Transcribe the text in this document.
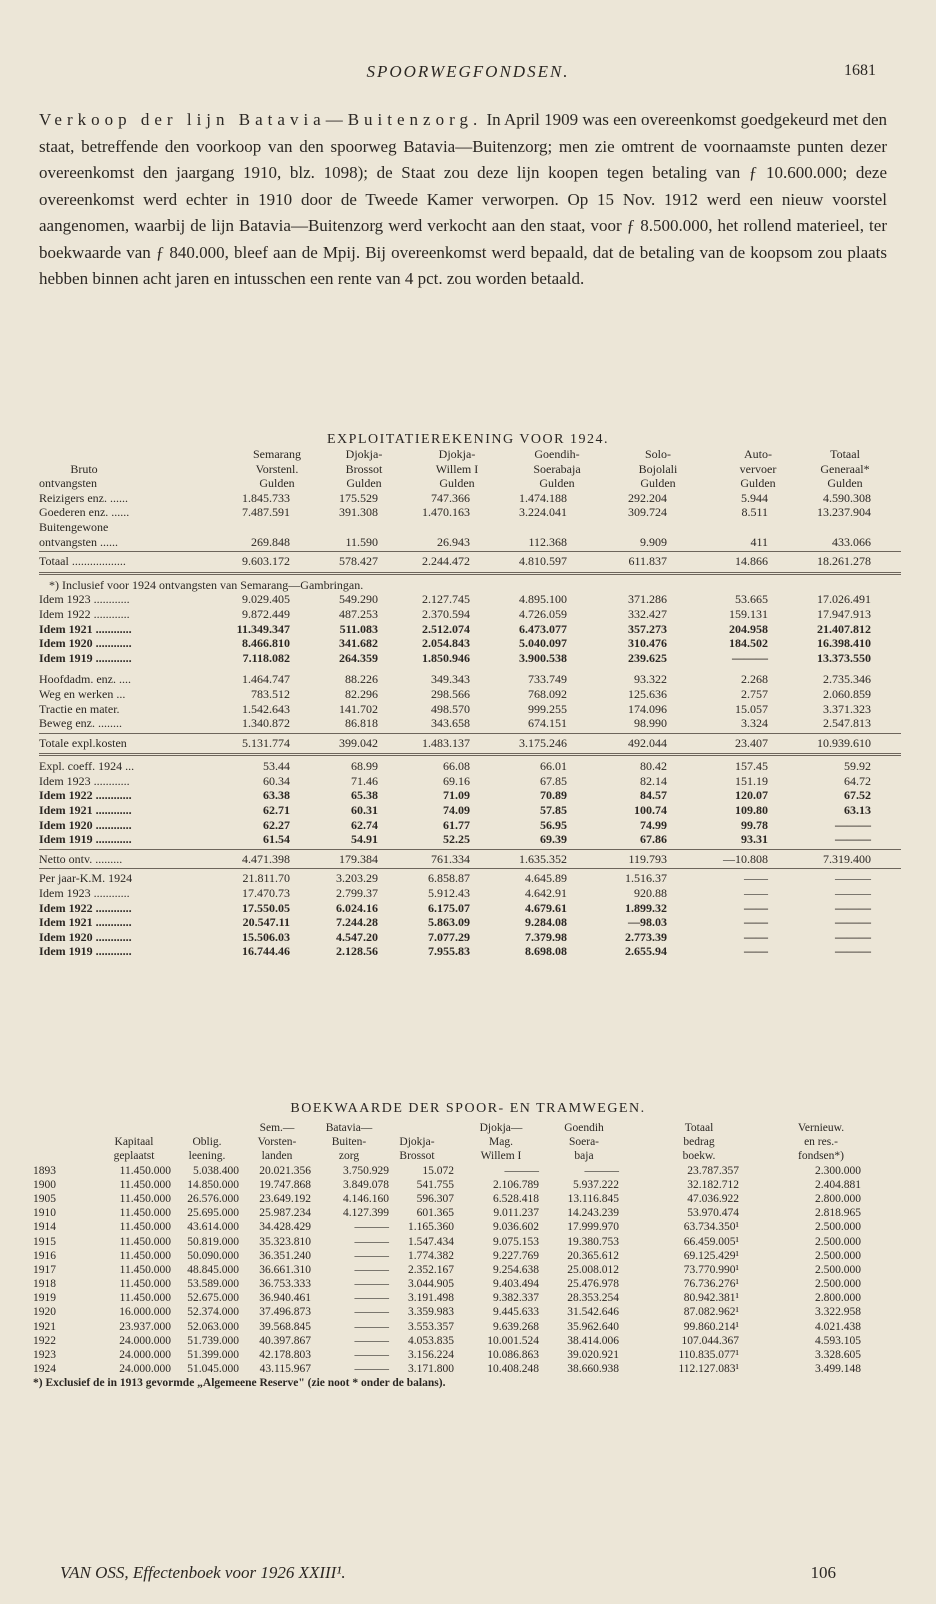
SPOORWEGFONDSEN.	1681
Verkoop der lijn Batavia—Buitenzorg. In April 1909 was een overeenkomst goedgekeurd met den staat, betreffende den voorkoop van den spoorweg Batavia—Buitenzorg; men zie omtrent de voornaamste punten dezer overeenkomst den jaargang 1910, blz. 1098); de Staat zou deze lijn koopen tegen betaling van ƒ 10.600.000; deze overeenkomst werd echter in 1910 door de Tweede Kamer verworpen. Op 15 Nov. 1912 werd een nieuw voorstel aangenomen, waarbij de lijn Batavia—Buitenzorg werd verkocht aan den staat, voor ƒ 8.500.000, het rollend materieel, ter boekwaarde van ƒ 840.000, bleef aan de Mpij. Bij overeenkomst werd bepaald, dat de betaling van de koopsom zou plaats hebben binnen acht jaren en intusschen een rente van 4 pct. zou worden betaald.
EXPLOITATIEREKENING VOOR 1924.
Semarang	Djokja-	Djokja-	Goendih-	Solo-	Auto-	Totaal
Bruto	Vorstenl.	Brossot	Willem I	Soerabaja	Bojolali	vervoer	Generaal*
ontvangsten	Gulden	Gulden	Gulden	Gulden	Gulden	Gulden	Gulden
Reizigers enz. ......	1.845.733	175.529	747.366	1.474.188	292.204	5.944	4.590.308
Goederen enz. ......	7.487.591	391.308	1.470.163	3.224.041	309.724	8.511	13.237.904
Buitengewone
ontvangsten ......	269.848	11.590	26.943	112.368	9.909	411	433.066
Totaal ..................	9.603.172	578.427	2.244.472	4.810.597	611.837	14.866	18.261.278
*) Inclusief voor 1924 ontvangsten van Semarang—Gambringan.
Idem 1923 ............	9.029.405	549.290	2.127.745	4.895.100	371.286	53.665	17.026.491
Idem 1922 ............	9.872.449	487.253	2.370.594	4.726.059	332.427	159.131	17.947.913
Idem 1921 ............	11.349.347	511.083	2.512.074	6.473.077	357.273	204.958	21.407.812
Idem 1920 ............	8.466.810	341.682	2.054.843	5.040.097	310.476	184.502	16.398.410
Idem 1919 ............	7.118.082	264.359	1.850.946	3.900.538	239.625	———	13.373.550
Hoofdadm. enz. ....	1.464.747	88.226	349.343	733.749	93.322	2.268	2.735.346
Weg en werken ...	783.512	82.296	298.566	768.092	125.636	2.757	2.060.859
Tractie en mater.	1.542.643	141.702	498.570	999.255	174.096	15.057	3.371.323
Beweg enz. ........	1.340.872	86.818	343.658	674.151	98.990	3.324	2.547.813
Totale expl.kosten	5.131.774	399.042	1.483.137	3.175.246	492.044	23.407	10.939.610
Expl. coeff. 1924 ...	53.44	68.99	66.08	66.01	80.42	157.45	59.92
Idem 1923 ............	60.34	71.46	69.16	67.85	82.14	151.19	64.72
Idem 1922 ............	63.38	65.38	71.09	70.89	84.57	120.07	67.52
Idem 1921 ............	62.71	60.31	74.09	57.85	100.74	109.80	63.13
Idem 1920 ............	62.27	62.74	61.77	56.95	74.99	99.78	———
Idem 1919 ............	61.54	54.91	52.25	69.39	67.86	93.31	———
Netto ontv. .........	4.471.398	179.384	761.334	1.635.352	119.793	—10.808	7.319.400
Per jaar-K.M. 1924	21.811.70	3.203.29	6.858.87	4.645.89	1.516.37	——	———
Idem 1923 ............	17.470.73	2.799.37	5.912.43	4.642.91	920.88	——	———
Idem 1922 ............	17.550.05	6.024.16	6.175.07	4.679.61	1.899.32	——	———
Idem 1921 ............	20.547.11	7.244.28	5.863.09	9.284.08	—98.03	——	———
Idem 1920 ............	15.506.03	4.547.20	7.077.29	7.379.98	2.773.39	——	———
Idem 1919 ............	16.744.46	2.128.56	7.955.83	8.698.08	2.655.94	——	———
BOEKWAARDE DER SPOOR- EN TRAMWEGEN.
Sem.—	Batavia—	Djokja—	Goendih	Totaal	Vernieuw.
Kapitaal	Oblig.	Vorsten-	Buiten-	Djokja-	Mag.	Soera-	bedrag	en res.-
geplaatst	leening.	landen	zorg	Brossot	Willem I	baja	boekw.	fondsen*)
1893	11.450.000 5.038.400 20.021.356	3.750.929	15.072	———	———	23.787.357	2.300.000
1900	11.450.000 14.850.000 19.747.868	3.849.078 541.755	2.106.789	5.937.222	32.182.712	2.404.881
1905	11.450.000 26.576.000 23.649.192	4.146.160 596.307	6.528.418 13.116.845	47.036.922	2.800.000
1910	11.450.000 25.695.000 25.987.234	4.127.399 601.365	9.011.237 14.243.239	53.970.474	2.818.965
1914	11.450.000 43.614.000 34.428.429	——— 1.165.360	9.036.602 17.999.970	63.734.350¹	2.500.000
1915	11.450.000 50.819.000 35.323.810	——— 1.547.434	9.075.153 19.380.753	66.459.005¹	2.500.000
1916	11.450.000 50.090.000 36.351.240	——— 1.774.382	9.227.769 20.365.612	69.125.429¹	2.500.000
1917	11.450.000 48.845.000 36.661.310	——— 2.352.167	9.254.638 25.008.012	73.770.990¹	2.500.000
1918	11.450.000 53.589.000 36.753.333	——— 3.044.905	9.403.494 25.476.978	76.736.276¹	2.500.000
1919	11.450.000 52.675.000 36.940.461	——— 3.191.498	9.382.337 28.353.254	80.942.381¹	2.800.000
1920	16.000.000 52.374.000 37.496.873	——— 3.359.983	9.445.633 31.542.646	87.082.962¹	3.322.958
1921	23.937.000 52.063.000 39.568.845	——— 3.553.357	9.639.268 35.962.640	99.860.214¹	4.021.438
1922	24.000.000 51.739.000 40.397.867	——— 4.053.835	10.001.524 38.414.006	107.044.367	4.593.105
1923	24.000.000 51.399.000 42.178.803	——— 3.156.224	10.086.863 39.020.921	110.835.077¹	3.328.605
1924	24.000.000 51.045.000 43.115.967	——— 3.171.800	10.408.248 38.660.938	112.127.083¹	3.499.148
*) Exclusief de in 1913 gevormde „Algemeene Reserve" (zie noot * onder de balans).
VAN OSS, Effectenboek voor 1926 XXIII¹.	106
